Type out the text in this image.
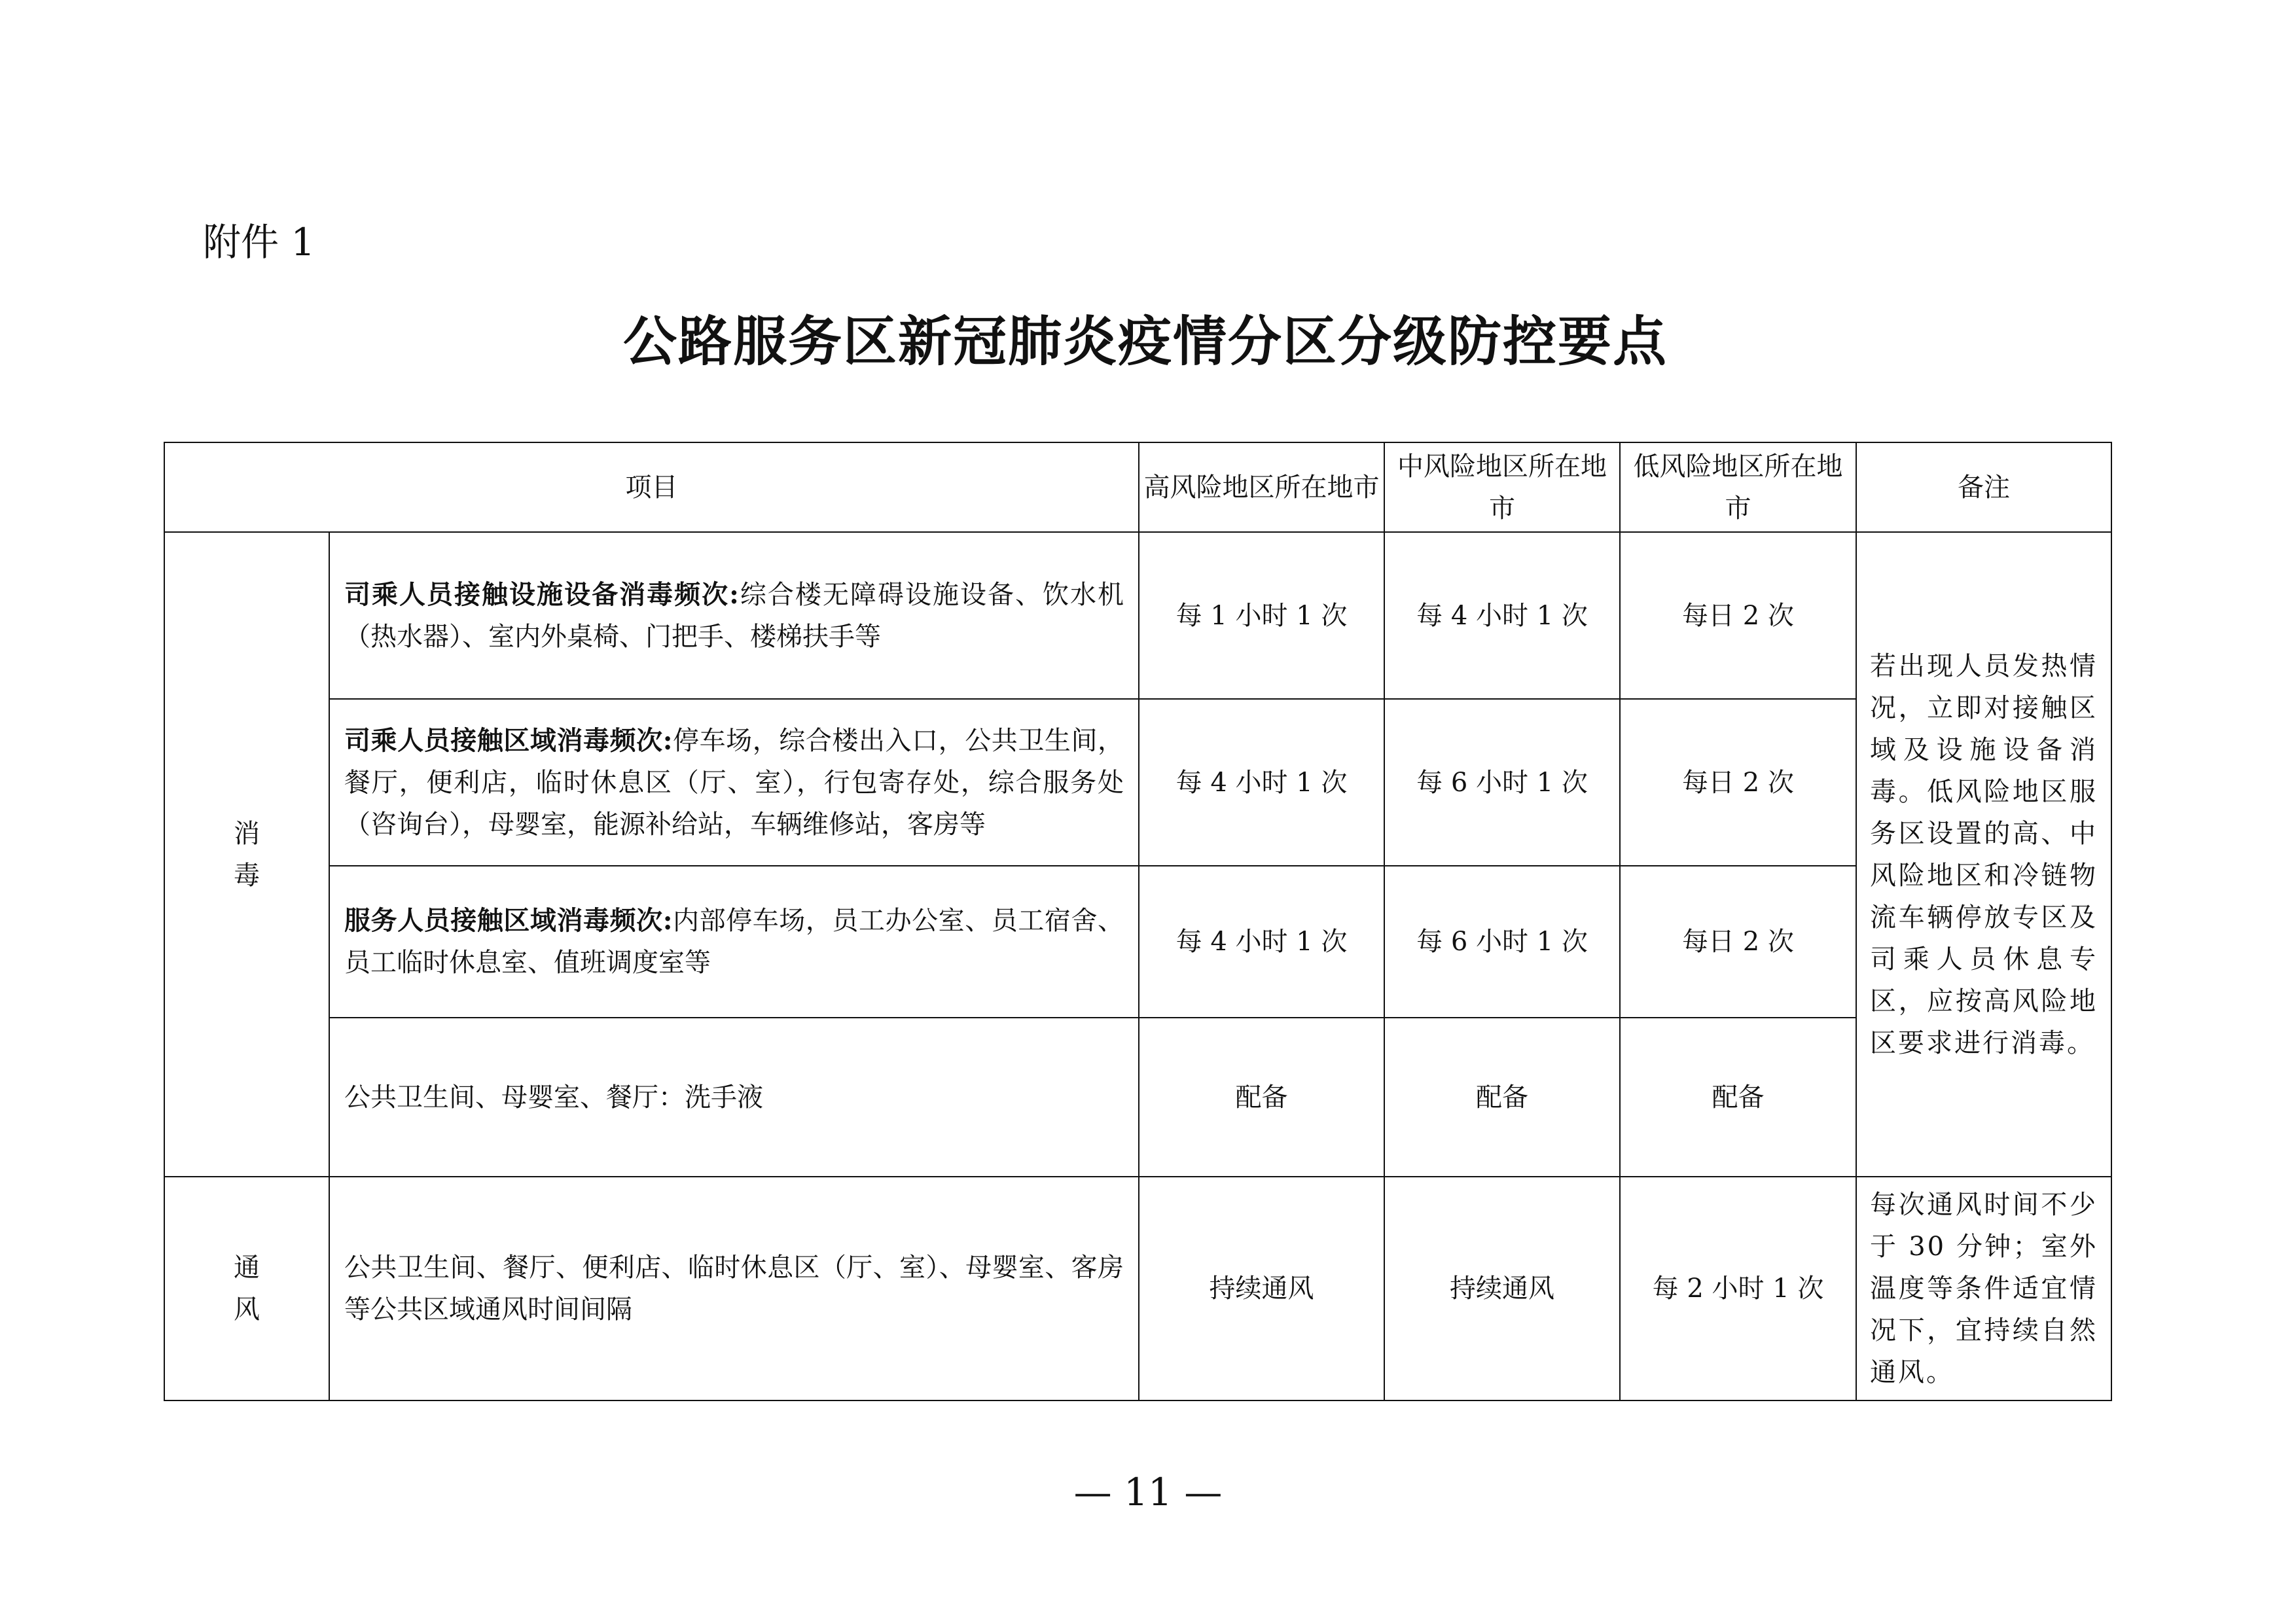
附件 1
公路服务区新冠肺炎疫情分区分级防控要点
项目		高风险地区所在地市	中风险地区所在地市	低风险地区所在地市	备注
消毒	司乘人员接触设施设备消毒频次:综合楼无障碍设施设备、饮水机（热水器）、室内外桌椅、门把手、楼梯扶手等	每 1 小时 1 次	每 4 小时 1 次	每日 2 次	若出现人员发热情况，立即对接触区域及设施设备消毒。低风险地区服务区设置的高、中风险地区和冷链物流车辆停放专区及司乘人员休息专区，应按高风险地区要求进行消毒。
	司乘人员接触区域消毒频次:停车场，综合楼出入口，公共卫生间，餐厅，便利店，临时休息区（厅、室），行包寄存处，综合服务处（咨询台），母婴室，能源补给站，车辆维修站，客房等	每 4 小时 1 次	每 6 小时 1 次	每日 2 次	
	服务人员接触区域消毒频次:内部停车场，员工办公室、员工宿舍、员工临时休息室、值班调度室等	每 4 小时 1 次	每 6 小时 1 次	每日 2 次	
	公共卫生间、母婴室、餐厅：洗手液	配备	配备	配备	
通风	公共卫生间、餐厅、便利店、临时休息区（厅、室）、母婴室、客房等公共区域通风时间间隔	持续通风	持续通风	每 2 小时 1 次	每次通风时间不少于 30 分钟；室外温度等条件适宜情况下，宜持续自然通风。
— 11 —
